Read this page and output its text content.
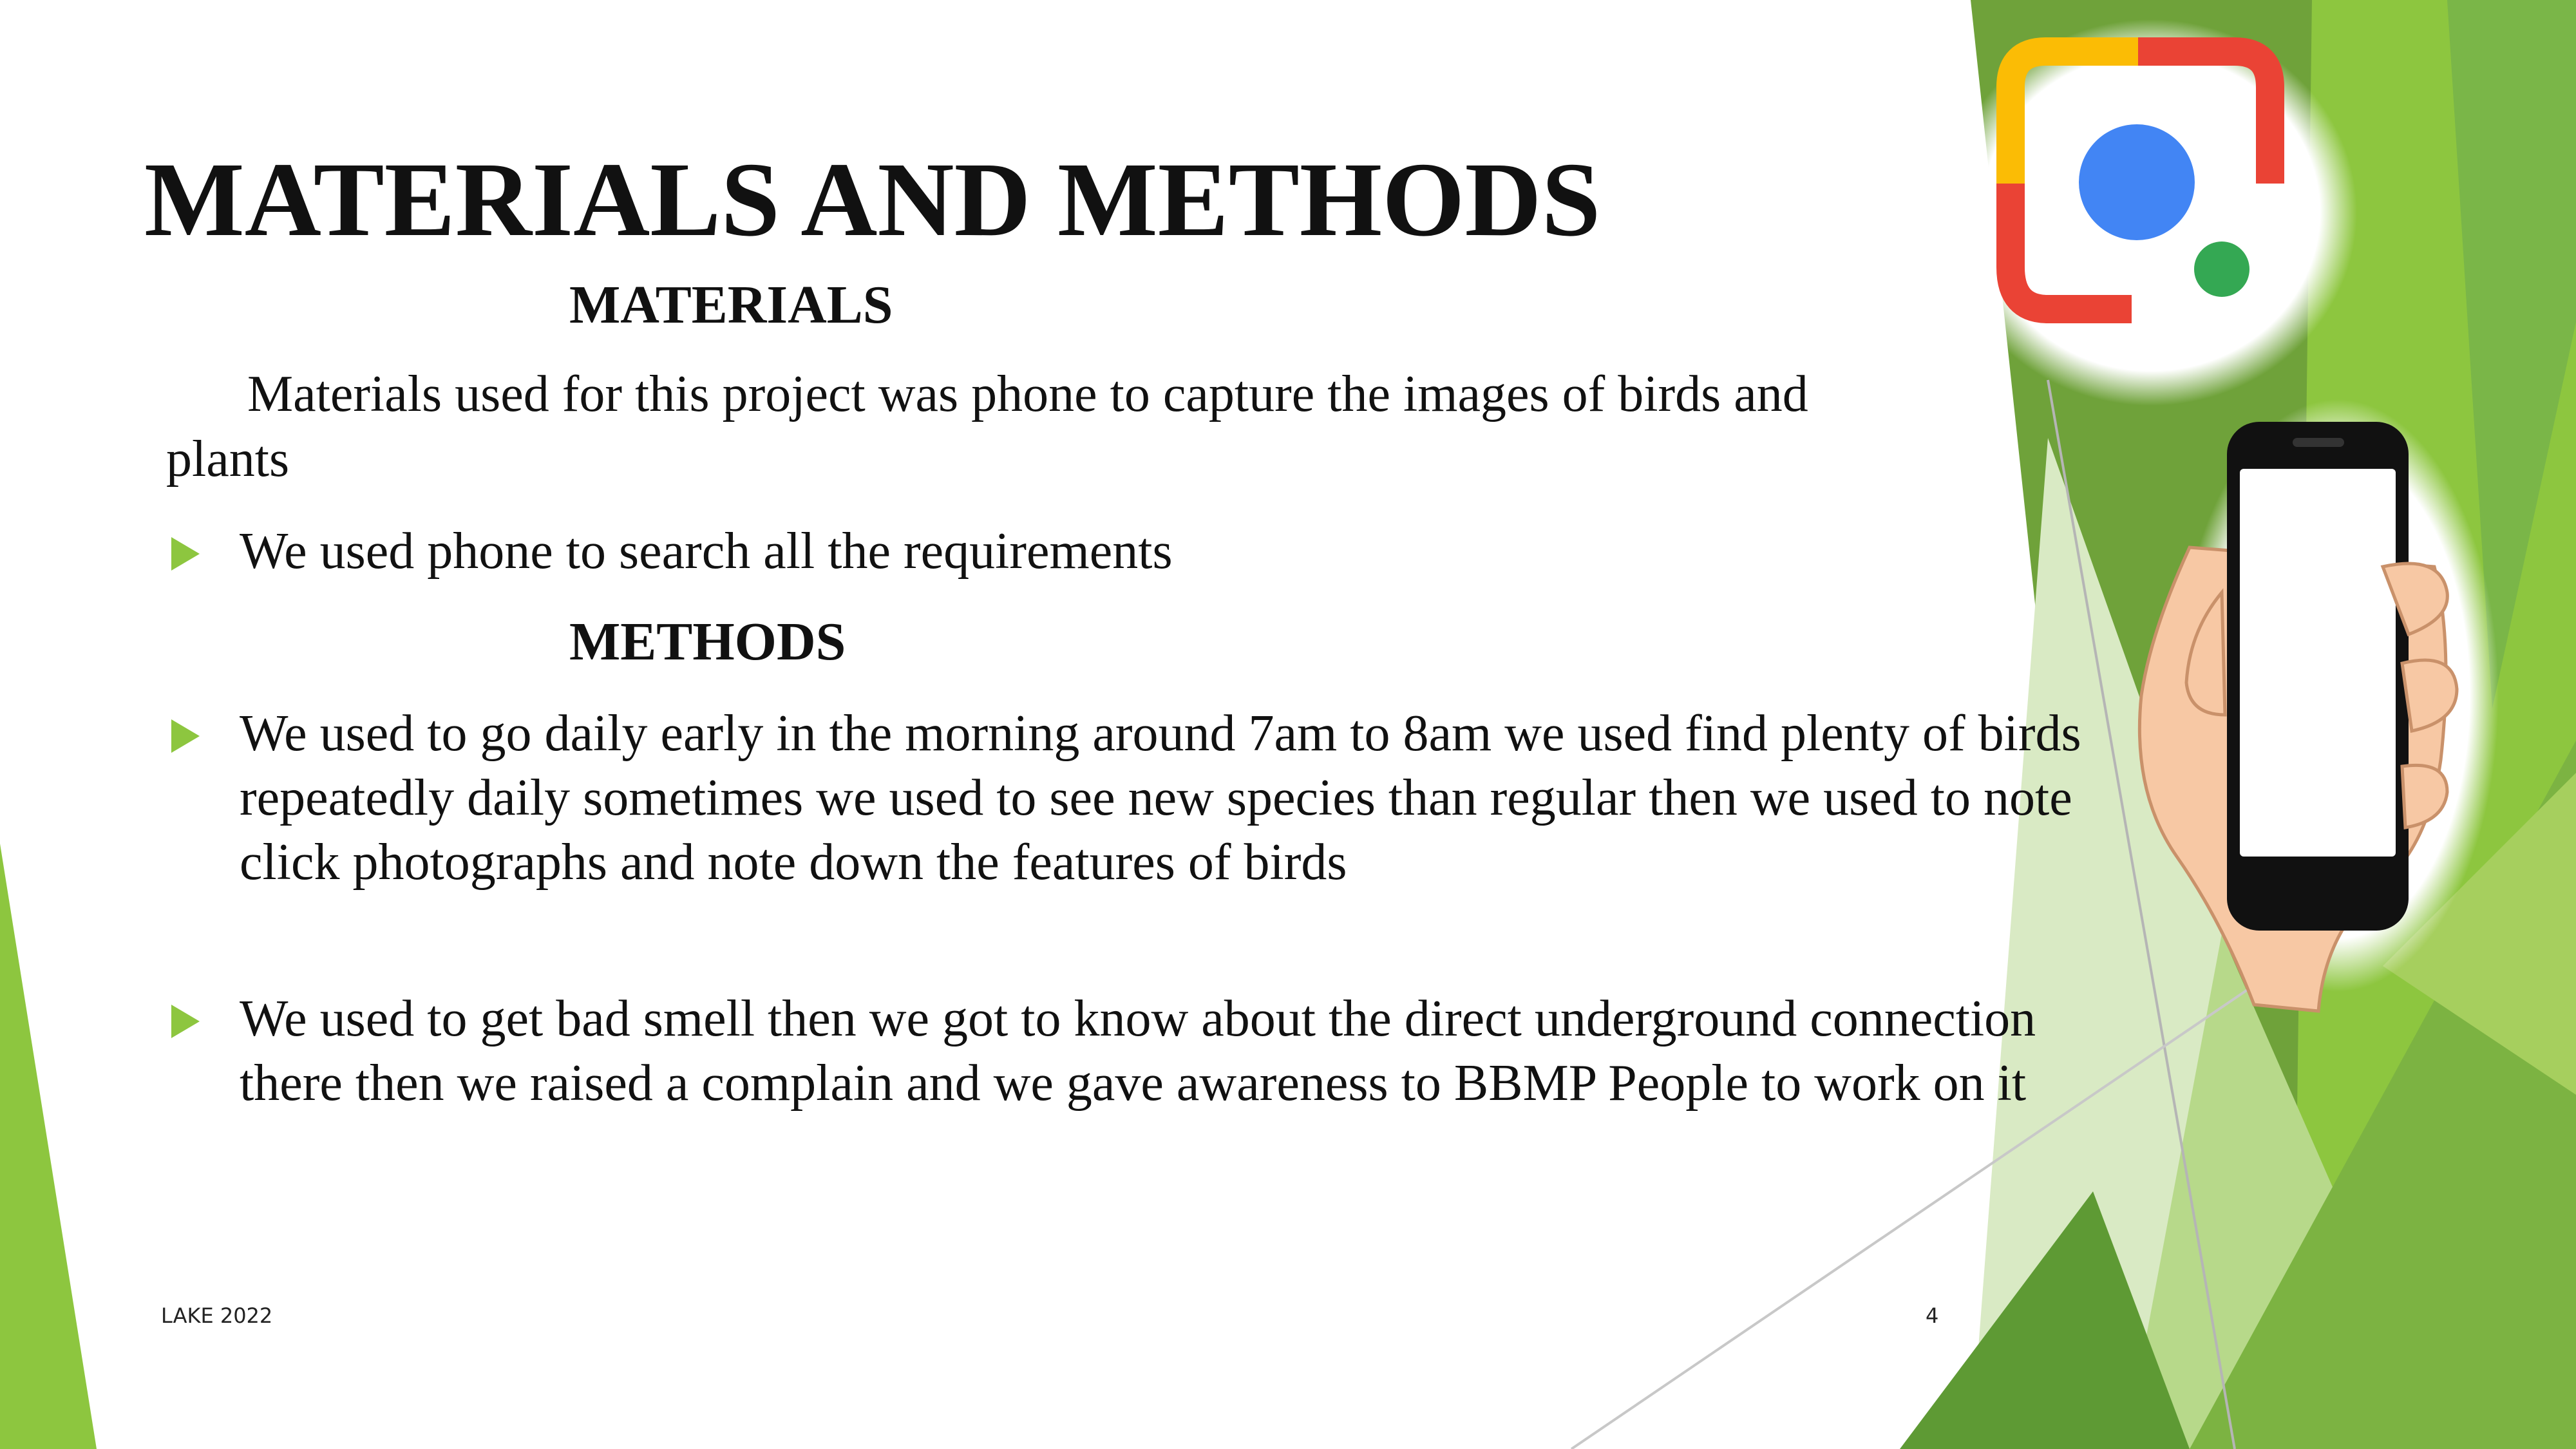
MATERIALS AND METHODS
MATERIALS

Materials used for this project was phone to capture the images of birds and plants

We used phone to search all the requirements

METHODS

We used to go daily early in the morning around 7am to 8am we used find plenty of birds repeatedly daily sometimes we used to see new species than regular then we used to note click photographs and note down the features of birds

We used to get bad smell then we got to know about the direct underground connection there then we raised a complain and we gave awareness to BBMP People to work on it

LAKE 2022	4
